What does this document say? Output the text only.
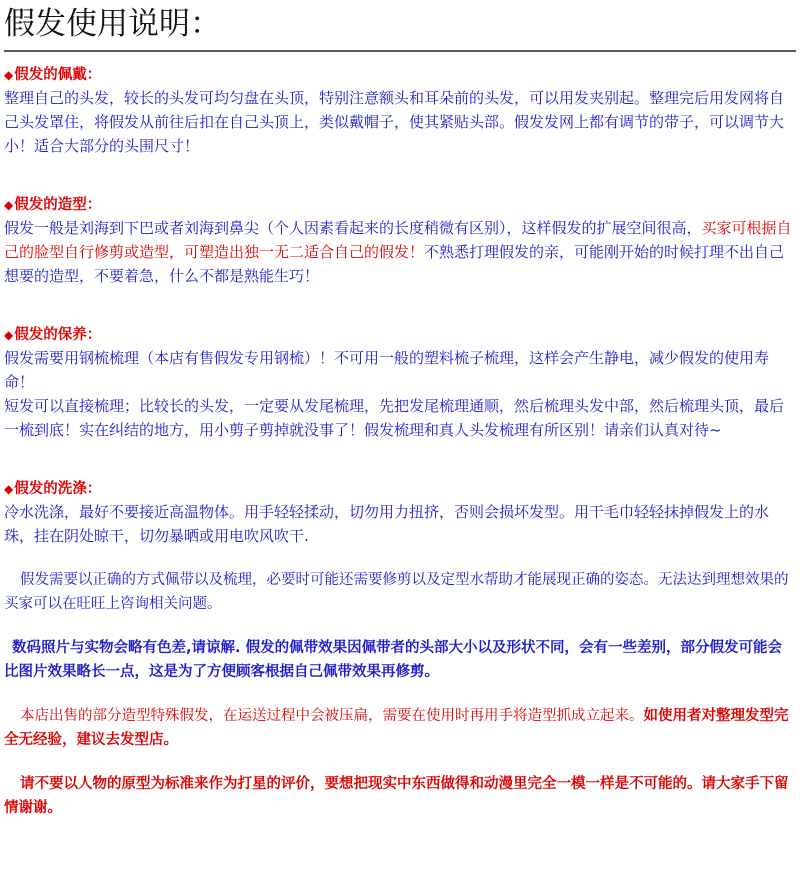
假发使用说明：

◆假发的佩戴：

整理自己的头发，较长的头发可均匀盘在头顶，特别注意额头和耳朵前的头发，可以用发夹别起。整理完后用发网将自己头发罩住，将假发从前往后扣在自己头顶上，类似戴帽子，使其紧贴头部。假发发网上都有调节的带子，可以调节大小！适合大部分的头围尺寸！

◆假发的造型：

假发一般是刘海到下巴或者刘海到鼻尖（个人因素看起来的长度稍微有区别），这样假发的扩展空间很高，买家可根据自己的脸型自行修剪或造型，可塑造出独一无二适合自己的假发！不熟悉打理假发的亲，可能刚开始的时候打理不出自己想要的造型，不要着急，什么不都是熟能生巧！

◆假发的保养：

假发需要用钢梳梳理（本店有售假发专用钢梳）！不可用一般的塑料梳子梳理，这样会产生静电，减少假发的使用寿命！

短发可以直接梳理；比较长的头发，一定要从发尾梳理，先把发尾梳理通顺，然后梳理头发中部，然后梳理头顶，最后一梳到底！实在纠结的地方，用小剪子剪掉就没事了！假发梳理和真人头发梳理有所区别！请亲们认真对待~

◆假发的洗涤：

冷水洗涤，最好不要接近高温物体。用手轻轻揉动，切勿用力扭挤，否则会损坏发型。用干毛巾轻轻抹掉假发上的水珠，挂在阴处晾干，切勿暴晒或用电吹风吹干.

假发需要以正确的方式佩带以及梳理，必要时可能还需要修剪以及定型水帮助才能展现正确的姿态。无法达到理想效果的买家可以在旺旺上咨询相关问题。

数码照片与实物会略有色差,请谅解. 假发的佩带效果因佩带者的头部大小以及形状不同，会有一些差别，部分假发可能会比图片效果略长一点，这是为了方便顾客根据自己佩带效果再修剪。

本店出售的部分造型特殊假发，在运送过程中会被压扁，需要在使用时再用手将造型抓成立起来。如使用者对整理发型完全无经验，建议去发型店。

请不要以人物的原型为标准来作为打星的评价，要想把现实中东西做得和动漫里完全一模一样是不可能的。请大家手下留情谢谢。
